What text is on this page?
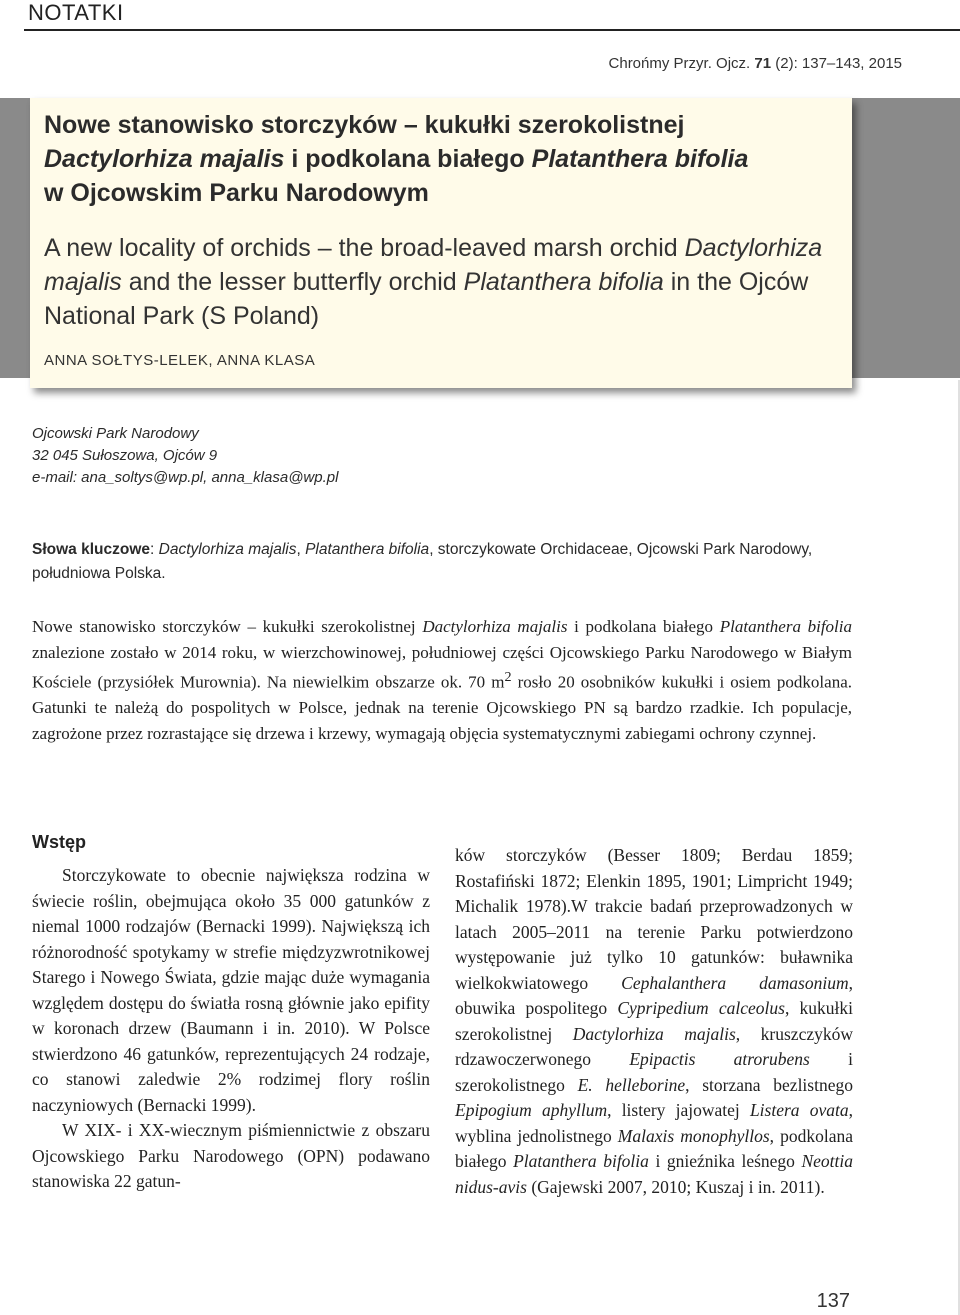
NOTATKI
Chrońmy Przyr. Ojcz. 71 (2): 137–143, 2015
Nowe stanowisko storczyków – kukułki szerokolistnej
Dactylorhiza majalis i podkolana białego Platanthera bifolia
w Ojcowskim Parku Narodowym
A new locality of orchids – the broad-leaved marsh orchid Dactylorhiza majalis and the lesser butterfly orchid Platanthera bifolia in the Ojców National Park (S Poland)
ANNA SOŁTYS-LELEK, ANNA KLASA
Ojcowski Park Narodowy
32 045 Sułoszowa, Ojców 9
e-mail: ana_soltys@wp.pl, anna_klasa@wp.pl
Słowa kluczowe: Dactylorhiza majalis, Platanthera bifolia, storczykowate Orchidaceae, Ojcowski Park Narodowy, południowa Polska.
Nowe stanowisko storczyków – kukułki szerokolistnej Dactylorhiza majalis i podkolana białego Platanthera bifolia znalezione zostało w 2014 roku, w wierzchowinowej, południowej części Ojcowskiego Parku Narodowego w Białym Kościele (przysiółek Murownia). Na niewielkim obszarze ok. 70 $m^2$ rosło 20 osobników kukułki i osiem podkolana. Gatunki te należą do pospolitych w Polsce, jednak na terenie Ojcowskiego PN są bardzo rzadkie. Ich populacje, zagrożone przez rozrastające się drzewa i krzewy, wymagają objęcia systematycznymi zabiegami ochrony czynnej.
Wstęp

Storczykowate to obecnie największa rodzina w świecie roślin, obejmująca około 35 000 gatunków z niemal 1000 rodzajów (Bernacki 1999). Największą ich różnorodność spotykamy w strefie międzyzwrotnikowej Starego i Nowego Świata, gdzie mając duże wymagania względem dostępu do światła rosną głównie jako epifity w koronach drzew (Baumann i in. 2010). W Polsce stwierdzono 46 gatunków, reprezentujących 24 rodzaje, co stanowi zaledwie 2% rodzimej flory roślin naczyniowych (Bernacki 1999).

W XIX- i XX-wiecznym piśmiennictwie z obszaru Ojcowskiego Parku Narodowego (OPN) podawano stanowiska 22 gatun-

ków storczyków (Besser 1809; Berdau 1859; Rostafiński 1872; Elenkin 1895, 1901; Limpricht 1949; Michalik 1978).W trakcie badań przeprowadzonych w latach 2005–2011 na terenie Parku potwierdzono występowanie już tylko 10 gatunków: buławnika wielkokwiatowego Cephalanthera damasonium, obuwika pospolitego Cypripedium calceolus, kukułki szerokolistnej Dactylorhiza majalis, kruszczyków rdzawoczerwonego Epipactis atrorubens i szerokolistnego E. helleborine, storzana bezlistnego Epipogium aphyllum, listery jajowatej Listera ovata, wyblina jednolistnego Malaxis monophyllos, podkolana białego Platanthera bifolia i gnieźnika leśnego Neottia nidus-avis (Gajewski 2007, 2010; Kuszaj i in. 2011).

137
